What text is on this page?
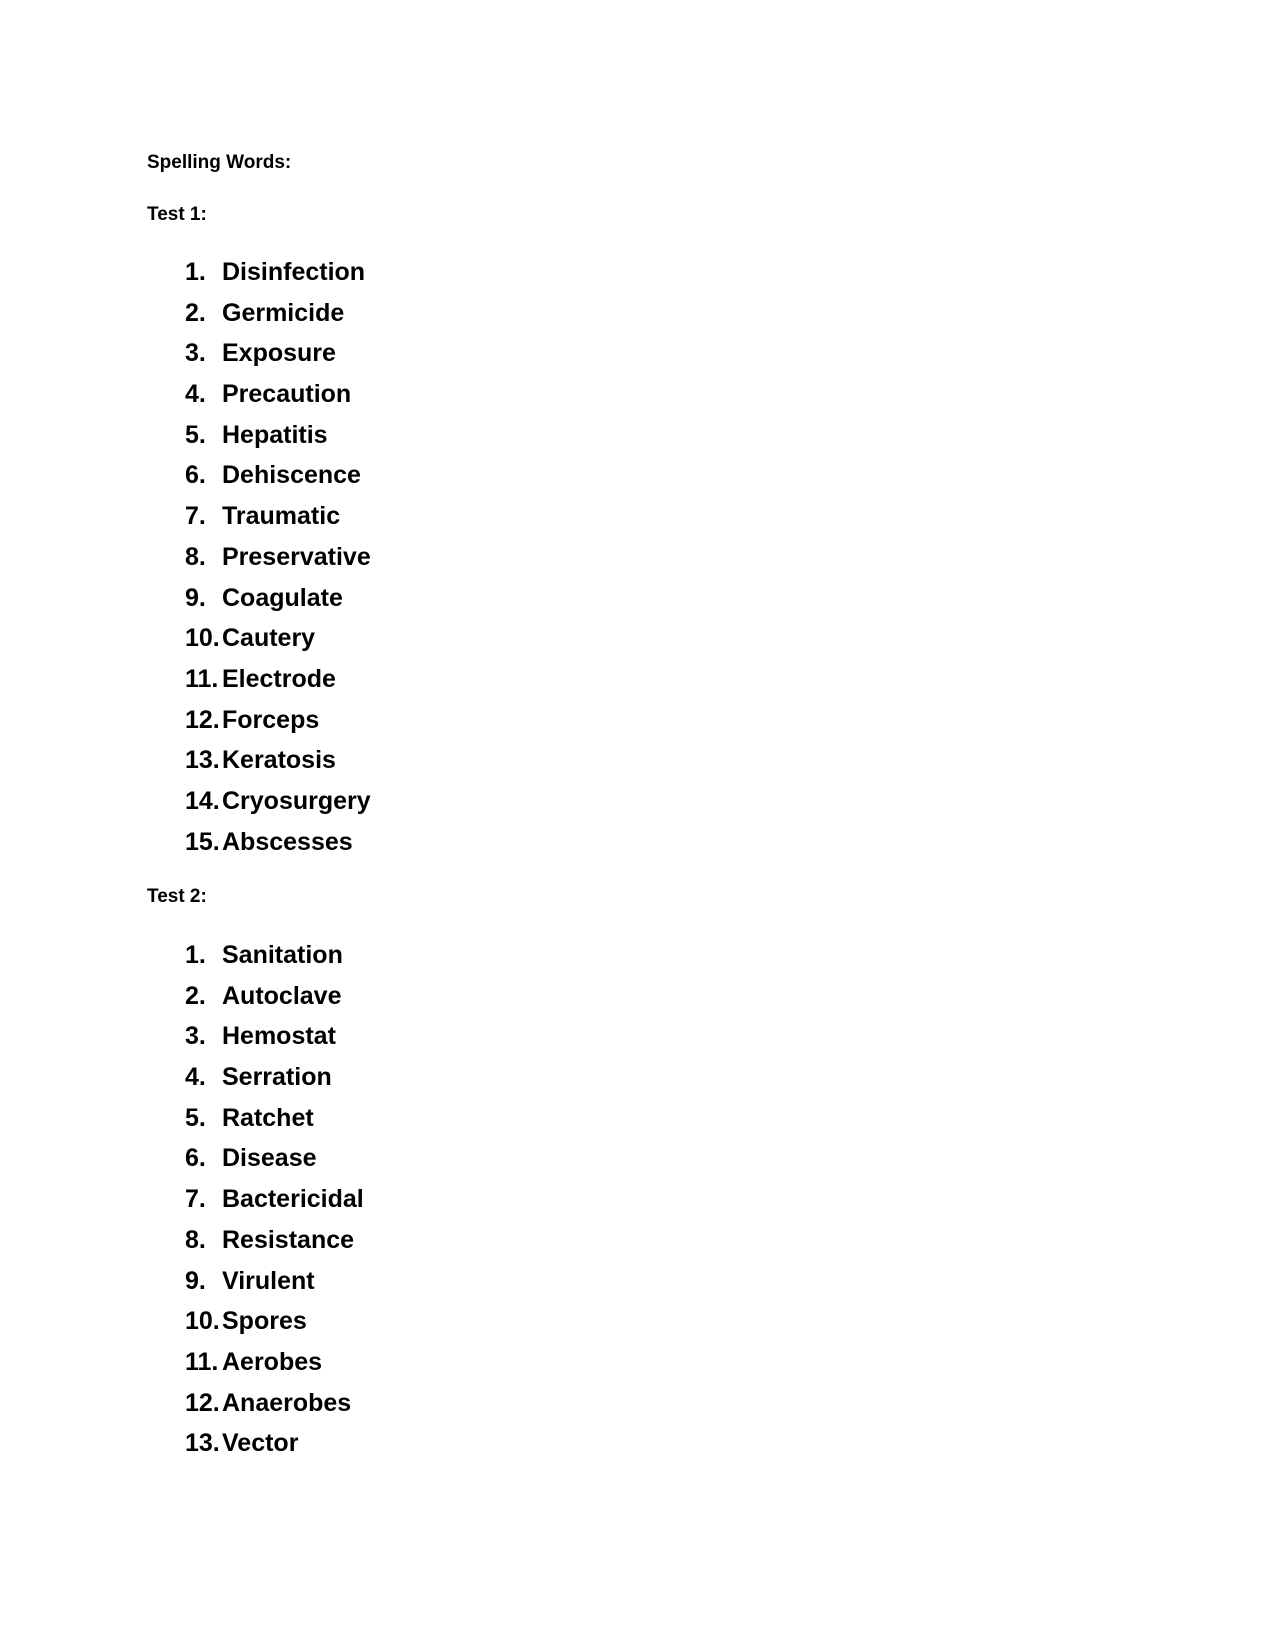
Spelling Words:
Test 1:
1. Disinfection
2. Germicide
3. Exposure
4. Precaution
5. Hepatitis
6. Dehiscence
7. Traumatic
8. Preservative
9. Coagulate
10.Cautery
11. Electrode
12.Forceps
13.Keratosis
14.Cryosurgery
15.Abscesses
Test 2:
1. Sanitation
2. Autoclave
3. Hemostat
4. Serration
5. Ratchet
6. Disease
7. Bactericidal
8. Resistance
9. Virulent
10.Spores
11. Aerobes
12.Anaerobes
13.Vector
